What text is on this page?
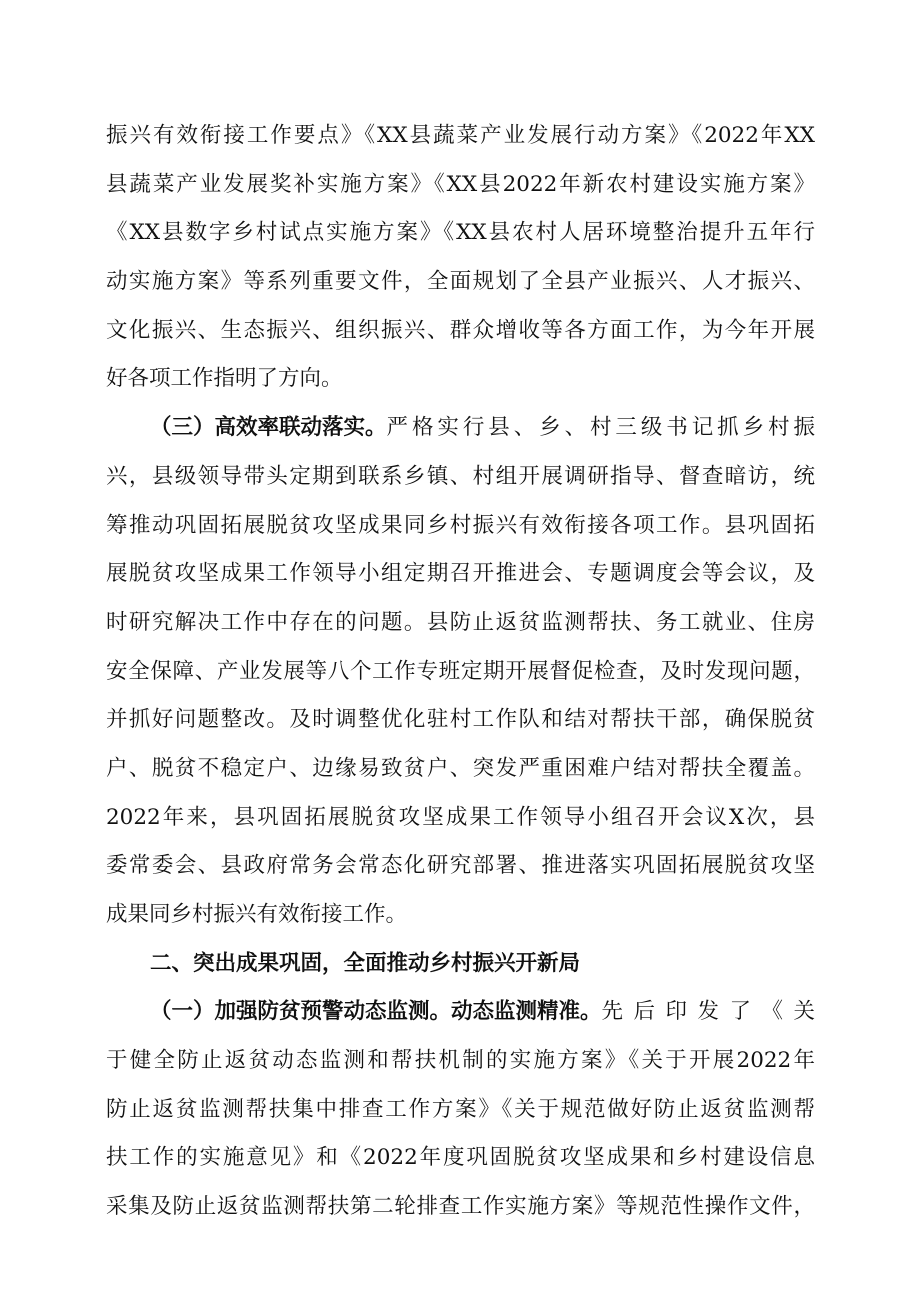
振兴有效衔接工作要点》《XX县蔬菜产业发展行动方案》《2022年XX
县蔬菜产业发展奖补实施方案》《XX县2022年新农村建设实施方案》
《XX县数字乡村试点实施方案》《XX县农村人居环境整治提升五年行
动实施方案》等系列重要文件，全面规划了全县产业振兴、人才振兴、
文化振兴、生态振兴、组织振兴、群众增收等各方面工作，为今年开展
好各项工作指明了方向。

（三）高效率联动落实。 严格实行县、乡、村三级书记抓乡村振

兴，县级领导带头定期到联系乡镇、村组开展调研指导、督查暗访，统
筹推动巩固拓展脱贫攻坚成果同乡村振兴有效衔接各项工作。县巩固拓
展脱贫攻坚成果工作领导小组定期召开推进会、专题调度会等会议，及
时研究解决工作中存在的问题。县防止返贫监测帮扶、务工就业、住房
安全保障、产业发展等八个工作专班定期开展督促检查，及时发现问题，
并抓好问题整改。及时调整优化驻村工作队和结对帮扶干部，确保脱贫
户、脱贫不稳定户、边缘易致贫户、突发严重困难户结对帮扶全覆盖。
2022年来，县巩固拓展脱贫攻坚成果工作领导小组召开会议X次，县
委常委会、县政府常务会常态化研究部署、推进落实巩固拓展脱贫攻坚
成果同乡村振兴有效衔接工作。
二、突出成果巩固，全面推动乡村振兴开新局

（一）加强防贫预警动态监测。动态监测精准。 先后印发了《关

于健全防止返贫动态监测和帮扶机制的实施方案》《关于开展2022年
防止返贫监测帮扶集中排查工作方案》《关于规范做好防止返贫监测帮
扶工作的实施意见》和《2022年度巩固脱贫攻坚成果和乡村建设信息
采集及防止返贫监测帮扶第二轮排查工作实施方案》等规范性操作文件，
